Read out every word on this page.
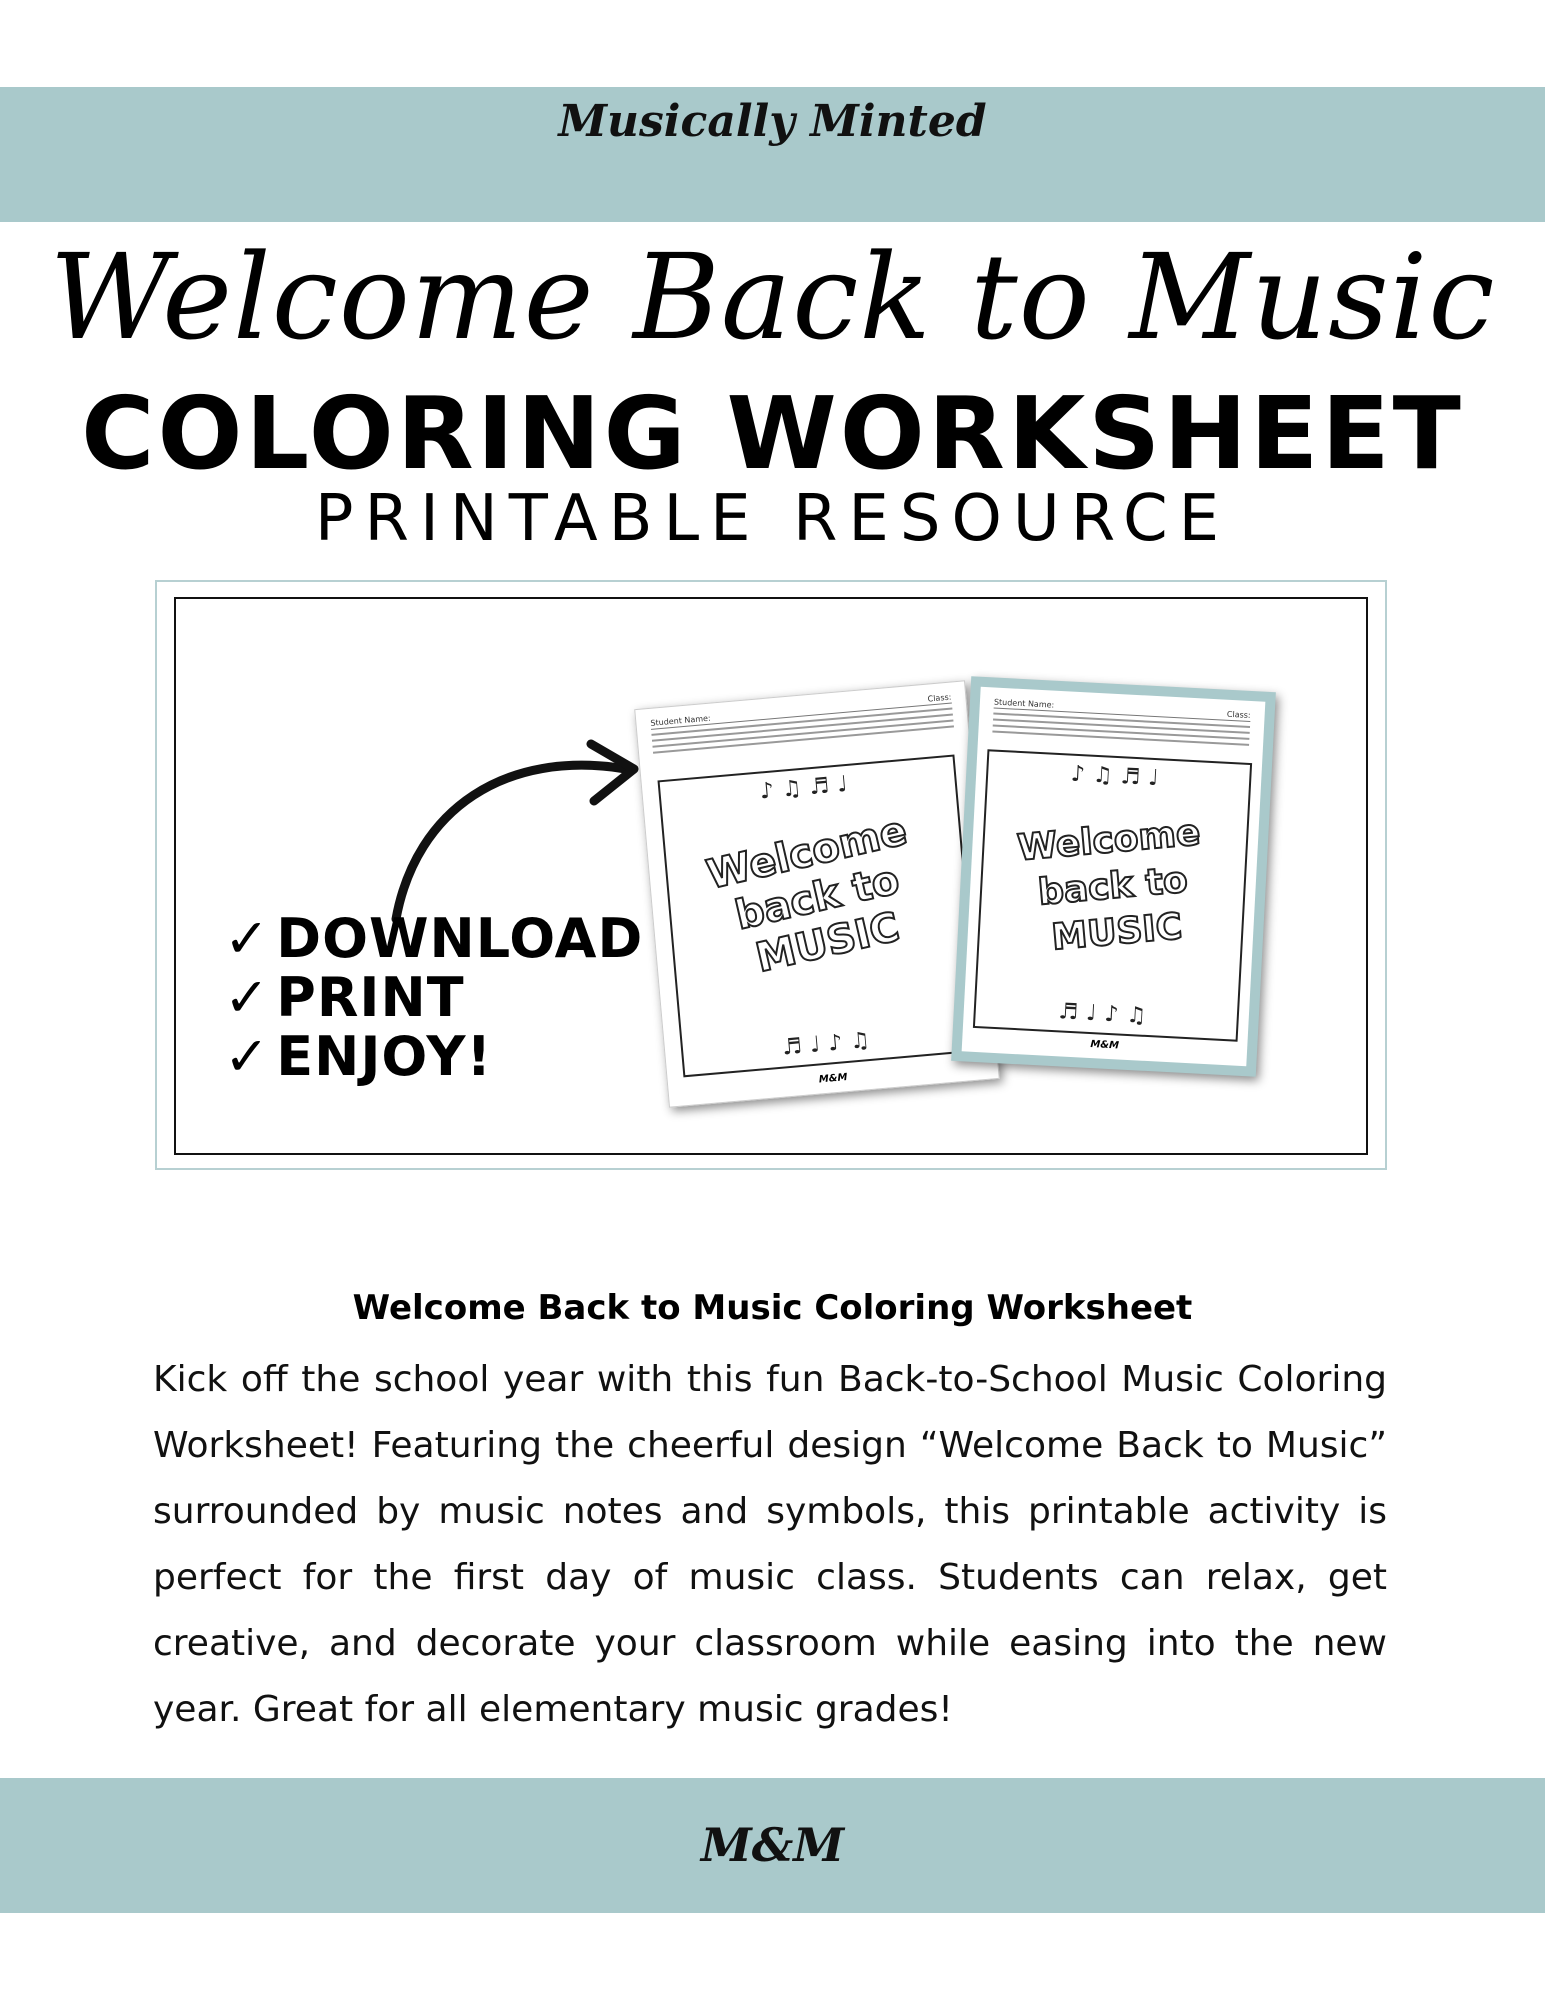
Musically Minted
Welcome Back to Music
COLORING WORKSHEET
PRINTABLE RESOURCE
✓ DOWNLOAD
✓ PRINT
✓ ENJOY!
Student Name:
Class:
♪♫♬♩
Welcome back to MUSIC
♬♩♪♫
M&M
Student Name:
Class:
♪♫♬♩
Welcome back to MUSIC
♬♩♪♫
M&M
Welcome Back to Music Coloring Worksheet
Kick off the school year with this fun Back-to-School Music Coloring Worksheet! Featuring the cheerful design “Welcome Back to Music” surrounded by music notes and symbols, this printable activity is perfect for the first day of music class. Students can relax, get creative, and decorate your classroom while easing into the new year. Great for all elementary music grades!
M&M
